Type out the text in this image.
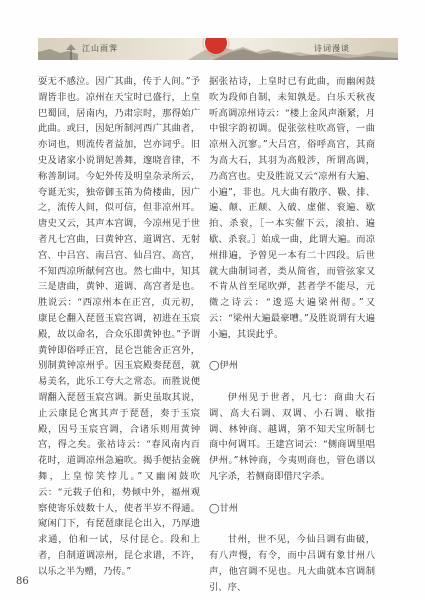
江山雨霁	诗词漫谈

耍无不感泣。因广其曲，传于人间。”予谓皆非也。凉州在天宝时已盛行，上皇巴蜀回，居南内，乃肃宗时，那得始广此曲。或曰，因妃所制河西广其曲者，亦词也，则流传者益加，岂亦词乎。旧史及诸家小说谓妃善舞，邃晓音律，不称善制词。今妃外传及明皇杂录所云，夸诞无实，独帝御玉笛为倚楼曲，因广之，流传人间，似可信，但非凉州耳。唐史又云，其声本宫调，今凉州见于世者凡七宫曲，曰黄钟宫、道调宫、无射宫、中吕宫、南吕宫、仙吕宫、高宫，不知西凉所献何宫也。然七曲中，知其三是唐曲，黄钟、道调、高宫者是也。胜说云：“西凉州本在正宫，贞元初，康昆仑翻入琵琶玉宸宫调，初进在玉宸殿，故以命名，合众乐即黄钟也。”予谓黄钟即俗呼正宫，昆仑岂能舍正宫外，别制黄钟凉州乎。因玉宸殿奏琵琶，就易美名，此乐工夸大之常态。而胜说便谓翻入琵琶玉宸宫调。新史虽取其说，止云康昆仑寓其声于琵琶，奏于玉宸殿，因号玉宸宫调，合诸乐则用黄钟宫，得之矣。张祜诗云：“春风南内百花时，道调凉州急遍吹。揭手便拈金碗舞，上皇惊笑悖儿。”又幽闲鼓吹云：“元载子伯和，势倾中外，福州观察使寄乐妓数十人，使者半岁不得通。窥闲门下，有琵琶康昆仑出入，乃厚遗求通，伯和一试，尽付昆仑。段和上者，自制道调凉州，昆仑求谱，不许，以乐之半为赠，乃传。”

据张祜诗，上皇时已有此曲，而幽闲鼓吹为段师自制，未知孰是。白乐天秋夜听高调凉州诗云：“楼上金风声渐紧，月中银字韵初调。促张弦柱吹高管，一曲凉州入沉寥。”大吕宫，俗呼高宫，其商为高大石，其羽为高般涉，所谓高调，乃高宫也。史及胜说又云“凉州有大遍、小遍”，非也。凡大曲有散序、靸、排、遍、颠、正颠、入破、虚催、衮遍、歇拍、杀衮，［一本实催下云，滚拍、遍歇、杀衮。］始成一曲，此谓大遍。而凉州排遍，予曾见一本有二十四段。后世就大曲制词者，类从简省，而管弦家又不肯从首至尾吹弹，甚者学不能尽，元微之诗云：“逡巡大遍梁州彻。”又云：“梁州大遍最豪嘈。”及胜说谓有大遍小遍，其误此乎。

◯伊州

伊州见于世者，凡七：商曲大石调、高大石调、双调、小石调、歇指调、林钟商、越调，第不知天宝所制七商中何调耳。王建宫词云：“侧商调里唱伊州。”林钟商，今夷则商也，管色谱以凡字杀，若侧商即借尺字杀。

◯甘州

甘州，世不见，今仙吕调有曲破，有八声慢，有令，而中吕调有象甘州八声，他宫调不见也。凡大曲就本宫调制引、序、

86
